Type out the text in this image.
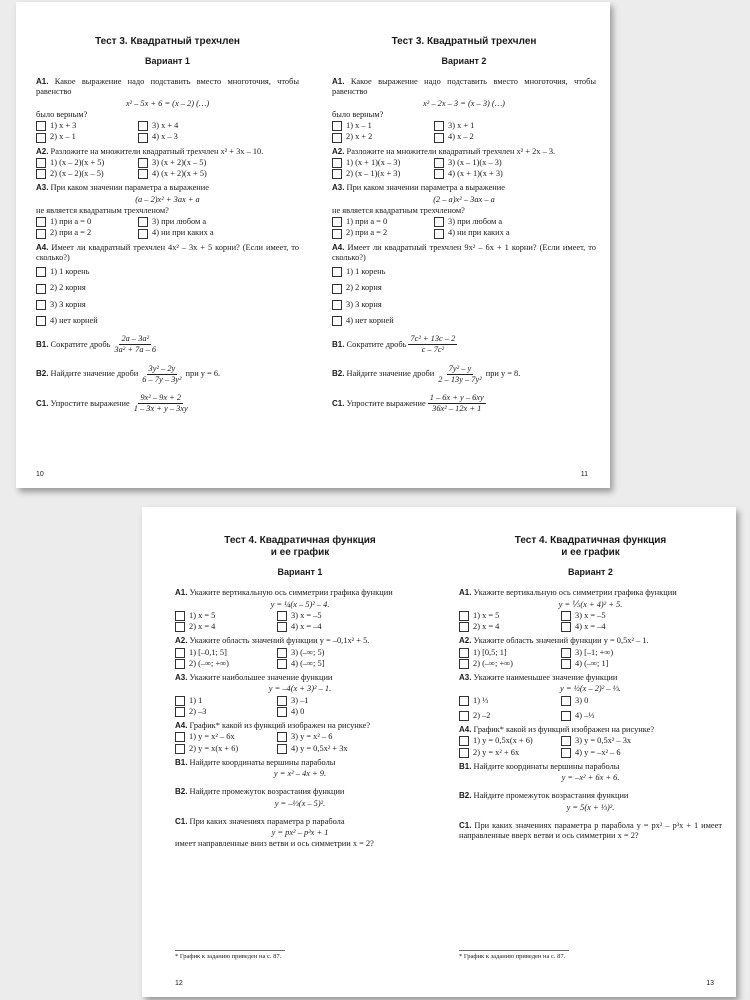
Тест 3. Квадратный трехчлен

Вариант 1

А1. Какое выражение надо подставить вместо многоточия, чтобы равенство
x² – 5x + 6 = (x – 2) (…)
было верным?
1) x + 3	3) x + 4
2) x – 1	4) x – 3
А2. Разложите на множители квадратный трехчлен x² + 3x – 10.
1) (x – 2)(x + 5)	3) (x + 2)(x – 5)
2) (x – 2)(x – 5)	4) (x + 2)(x + 5)
А3. При каком значении параметра a выражение
(a – 2)x² + 3ax + a
не является квадратным трехчленом?
1) при a = 0	3) при любом a
2) при a = 2	4) ни при каких a
А4. Имеет ли квадратный трехчлен 4x² – 3x + 5 корни? (Если имеет, то сколько?)
1) 1 корень
2) 2 корня
3) 3 корня
4) нет корней
В1. Сократите дробь $\frac{\text{2a – 3a²}}{\text{3a² + 7a – 6}}$
В2. Найдите значение дроби $\frac{\text{3y² – 2y}}{\text{6 – 7y – 3y²}}$ при y = 6.
С1. Упростите выражение $\frac{\text{9x² – 9x + 2}}{1 - 3x + y - 3xy}$
10

Тест 3. Квадратный трехчлен

Вариант 2

А1. Какое выражение надо подставить вместо многоточия, чтобы равенство
x² – 2x – 3 = (x – 3) (…)
было верным?
1) x – 1	3) x + 1
2) x + 2	4) x – 2
А2. Разложите на множители квадратный трехчлен x² + 2x – 3.
1) (x + 1)(x – 3)	3) (x – 1)(x – 3)
2) (x – 1)(x + 3)	4) (x + 1)(x + 3)
А3. При каком значении параметра a выражение
(2 – a)x² – 3ax – a
не является квадратным трехчленом?
1) при a = 0	3) при любом a
2) при a = 2	4) ни при каких a
А4. Имеет ли квадратный трехчлен 9x² – 6x + 1 корни? (Если имеет, то сколько?)
1) 1 корень
2) 2 корня
3) 3 корня
4) нет корней
В1. Сократите дробь $\frac{\text{7c² + 13c – 2}}{\text{c – 7c²}}$
В2. Найдите значение дроби $\frac{\text{7y² – y}}{\text{2 – 13y – 7y²}}$ при y = 8.
С1. Упростите выражение $\frac{1 - 6x + y - 6xy}{\text{36x² – 12x + 1}}$
11

Тест 4. Квадратичная функция
и ее график

Вариант 1

А1. Укажите вертикальную ось симметрии графика функции
y = ¼(x – 5)² – 4.
1) x = 5	3) x = –5
2) x = 4	4) x = –4
А2. Укажите область значений функции y = –0,1x² + 5.
1) [–0,1; 5]	3) (–∞; 5)
2) (–∞; +∞)	4) (–∞; 5]
А3. Укажите наибольшее значение функции
y = –4(x + 3)² – 1.
1) 1	3) –1
2) –3	4) 0
А4. График* какой из функций изображен на рисунке?
1) y = x² – 6x	3) y = x² – 6
2) y = x(x + 6)	4) y = 0,5x² + 3x
В1. Найдите координаты вершины параболы
y = x² – 4x + 9.
В2. Найдите промежуток возрастания функции
y = –⅓(x – 5)².
С1. При каких значениях параметра p парабола
y = px² – p³x + 1
имеет направленные вниз ветви и ось симметрии x = 2?
* График к заданию приведен на с. 87.
12

Тест 4. Квадратичная функция
и ее график

Вариант 2

А1. Укажите вертикальную ось симметрии графика функции
y = ⅕(x + 4)² + 5.
1) x = 5	3) x = –5
2) x = 4	4) x = –4
А2. Укажите область значений функции y = 0,5x² – 1.
1) [0,5; 1]	3) [–1; +∞)
2) (–∞; +∞)	4) (–∞; 1]
А3. Укажите наименьшее значение функции
y = ½(x – 2)² – ⅓.
1) ⅓	3) 0
2) –2	4) –⅓
А4. График* какой из функций изображен на рисунке?
1) y = 0,5x(x + 6)	3) y = 0,5x² – 3x
2) y = x² + 6x	4) y = –x² – 6
В1. Найдите координаты вершины параболы
y = –x² + 6x + 6.
В2. Найдите промежуток возрастания функции
y = 5(x + ⅓)².
С1. При каких значениях параметра p парабола y = px² – p³x + 1 имеет направленные вверх ветви и ось симметрии x = 2?
* График к заданию приведен на с. 87.
13
